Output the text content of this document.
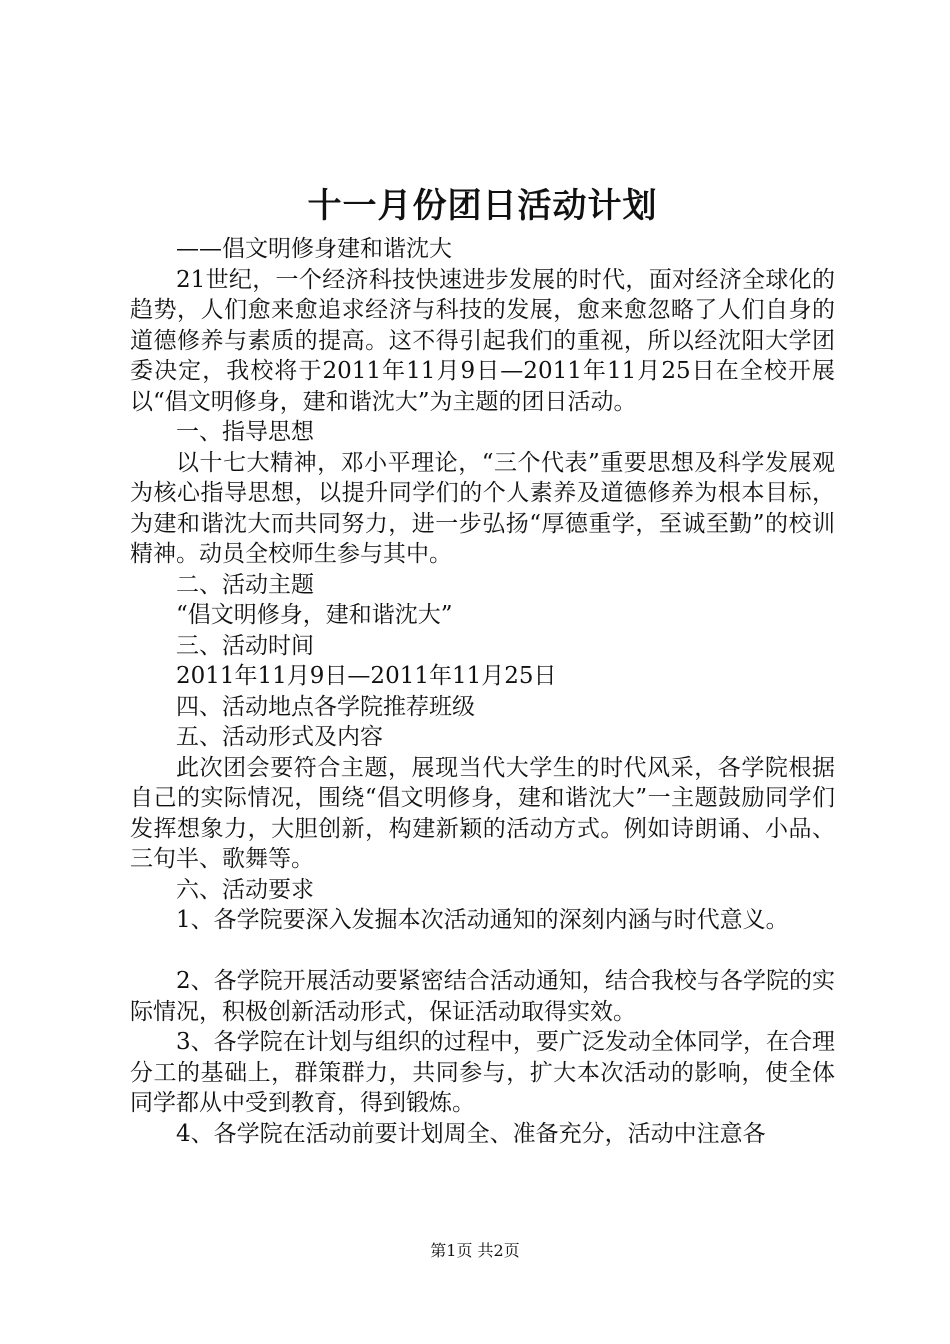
十一月份团日活动计划

——倡文明修身建和谐沈大

21世纪，一个经济科技快速进步发展的时代，面对经济全球化的趋势，人们愈来愈追求经济与科技的发展，愈来愈忽略了人们自身的道德修养与素质的提高。这不得引起我们的重视，所以经沈阳大学团委决定，我校将于2011年11月9日—2011年11月25日在全校开展以“倡文明修身，建和谐沈大”为主题的团日活动。

一、指导思想

以十七大精神，邓小平理论，“三个代表”重要思想及科学发展观为核心指导思想，以提升同学们的个人素养及道德修养为根本目标，为建和谐沈大而共同努力，进一步弘扬“厚德重学，至诚至勤”的校训精神。动员全校师生参与其中。

二、活动主题

“倡文明修身，建和谐沈大”

三、活动时间

2011年11月9日—2011年11月25日

四、活动地点各学院推荐班级

五、活动形式及内容

此次团会要符合主题，展现当代大学生的时代风采，各学院根据自己的实际情况，围绕“倡文明修身，建和谐沈大”一主题鼓励同学们发挥想象力，大胆创新，构建新颖的活动方式。例如诗朗诵、小品、三句半、歌舞等。

六、活动要求

1、各学院要深入发掘本次活动通知的深刻内涵与时代意义。

2、各学院开展活动要紧密结合活动通知，结合我校与各学院的实际情况，积极创新活动形式，保证活动取得实效。

3、各学院在计划与组织的过程中，要广泛发动全体同学，在合理分工的基础上，群策群力，共同参与，扩大本次活动的影响，使全体同学都从中受到教育，得到锻炼。

4、各学院在活动前要计划周全、准备充分，活动中注意各

第1页 共2页
